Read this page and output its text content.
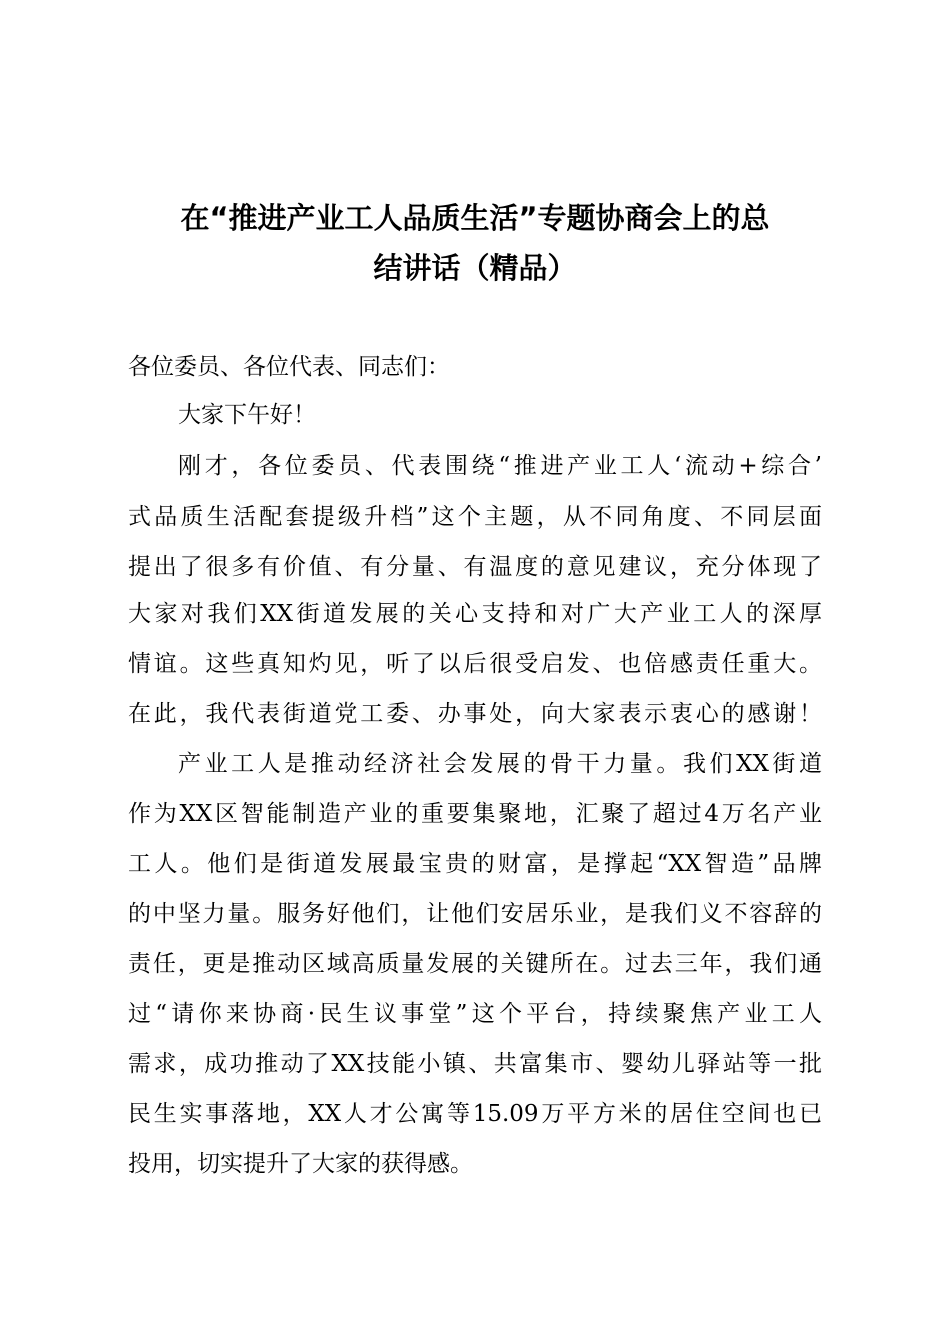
在“推进产业工人品质生活”专题协商会上的总
结讲话（精品）
各位委员、各位代表、同志们：
大家下午好！
刚才，各位委员、代表围绕“推进产业工人‘流动+综合’
式品质生活配套提级升档”这个主题，从不同角度、不同层面
提出了很多有价值、有分量、有温度的意见建议，充分体现了
大家对我们XX街道发展的关心支持和对广大产业工人的深厚
情谊。这些真知灼见，听了以后很受启发、也倍感责任重大。
在此，我代表街道党工委、办事处，向大家表示衷心的感谢！
产业工人是推动经济社会发展的骨干力量。我们XX街道
作为XX区智能制造产业的重要集聚地，汇聚了超过4万名产业
工人。他们是街道发展最宝贵的财富，是撑起“XX智造”品牌
的中坚力量。服务好他们，让他们安居乐业，是我们义不容辞的
责任，更是推动区域高质量发展的关键所在。过去三年，我们通
过“请你来协商·民生议事堂”这个平台，持续聚焦产业工人
需求，成功推动了XX技能小镇、共富集市、婴幼儿驿站等一批
民生实事落地，XX人才公寓等15.09万平方米的居住空间也已
投用，切实提升了大家的获得感。
